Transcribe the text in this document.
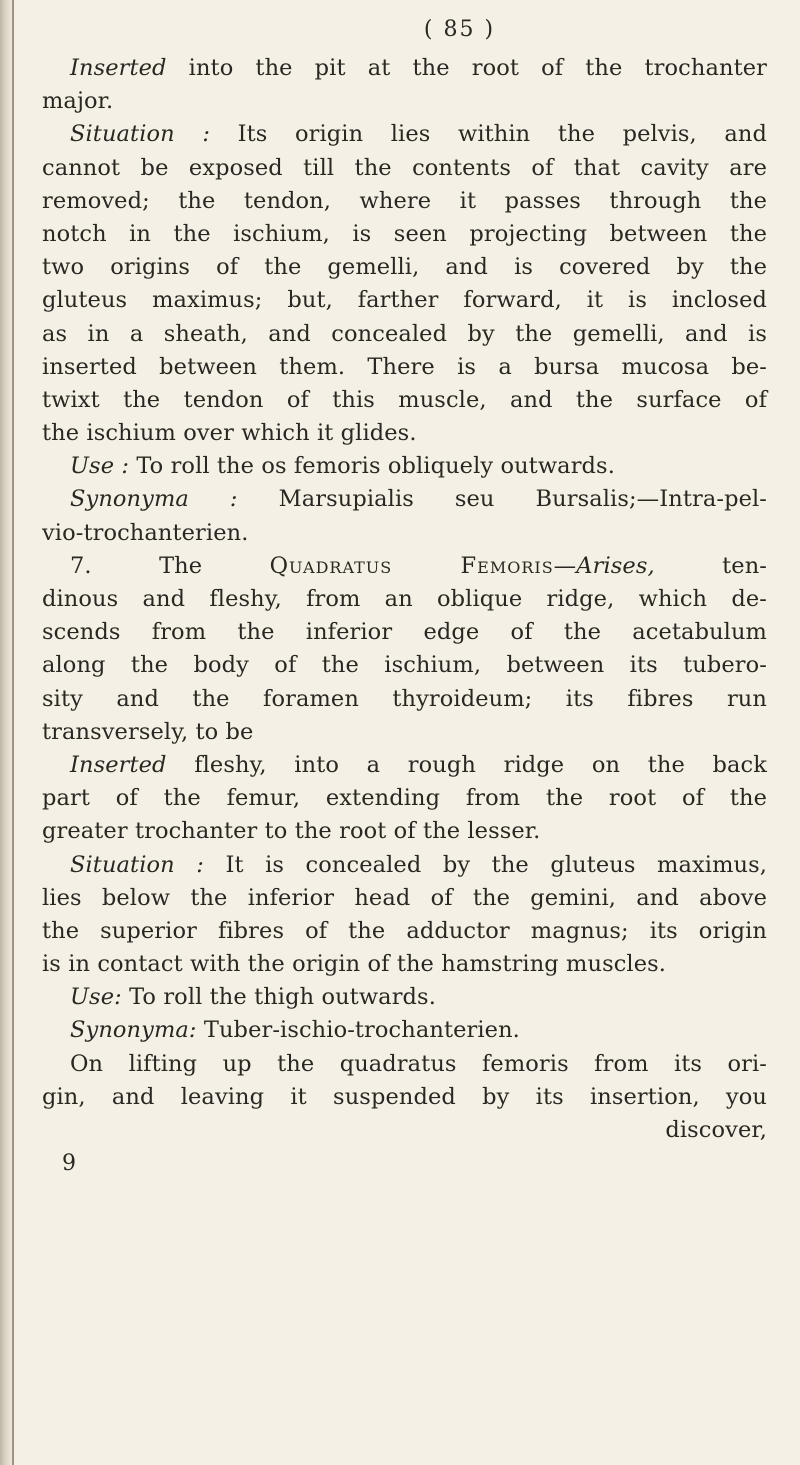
( 85 )
Inserted into the pit at the root of the trochanter
major.
Situation : Its origin lies within the pelvis, and
cannot be exposed till the contents of that cavity are
removed; the tendon, where it passes through the
notch in the ischium, is seen projecting between the
two origins of the gemelli, and is covered by the
gluteus maximus; but, farther forward, it is inclosed
as in a sheath, and concealed by the gemelli, and is
inserted between them. There is a bursa mucosa be-
twixt the tendon of this muscle, and the surface of
the ischium over which it glides.
Use : To roll the os femoris obliquely outwards.
Synonyma : Marsupialis seu Bursalis;—Intra-pel-
vio-trochanterien.
7. The Quadratus Femoris—Arises, ten-
dinous and fleshy, from an oblique ridge, which de-
scends from the inferior edge of the acetabulum
along the body of the ischium, between its tubero-
sity and the foramen thyroideum; its fibres run
transversely, to be
Inserted fleshy, into a rough ridge on the back
part of the femur, extending from the root of the
greater trochanter to the root of the lesser.
Situation : It is concealed by the gluteus maximus,
lies below the inferior head of the gemini, and above
the superior fibres of the adductor magnus; its origin
is in contact with the origin of the hamstring muscles.
Use: To roll the thigh outwards.
Synonyma: Tuber-ischio-trochanterien.
On lifting up the quadratus femoris from its ori-
gin, and leaving it suspended by its insertion, you
discover,
9
